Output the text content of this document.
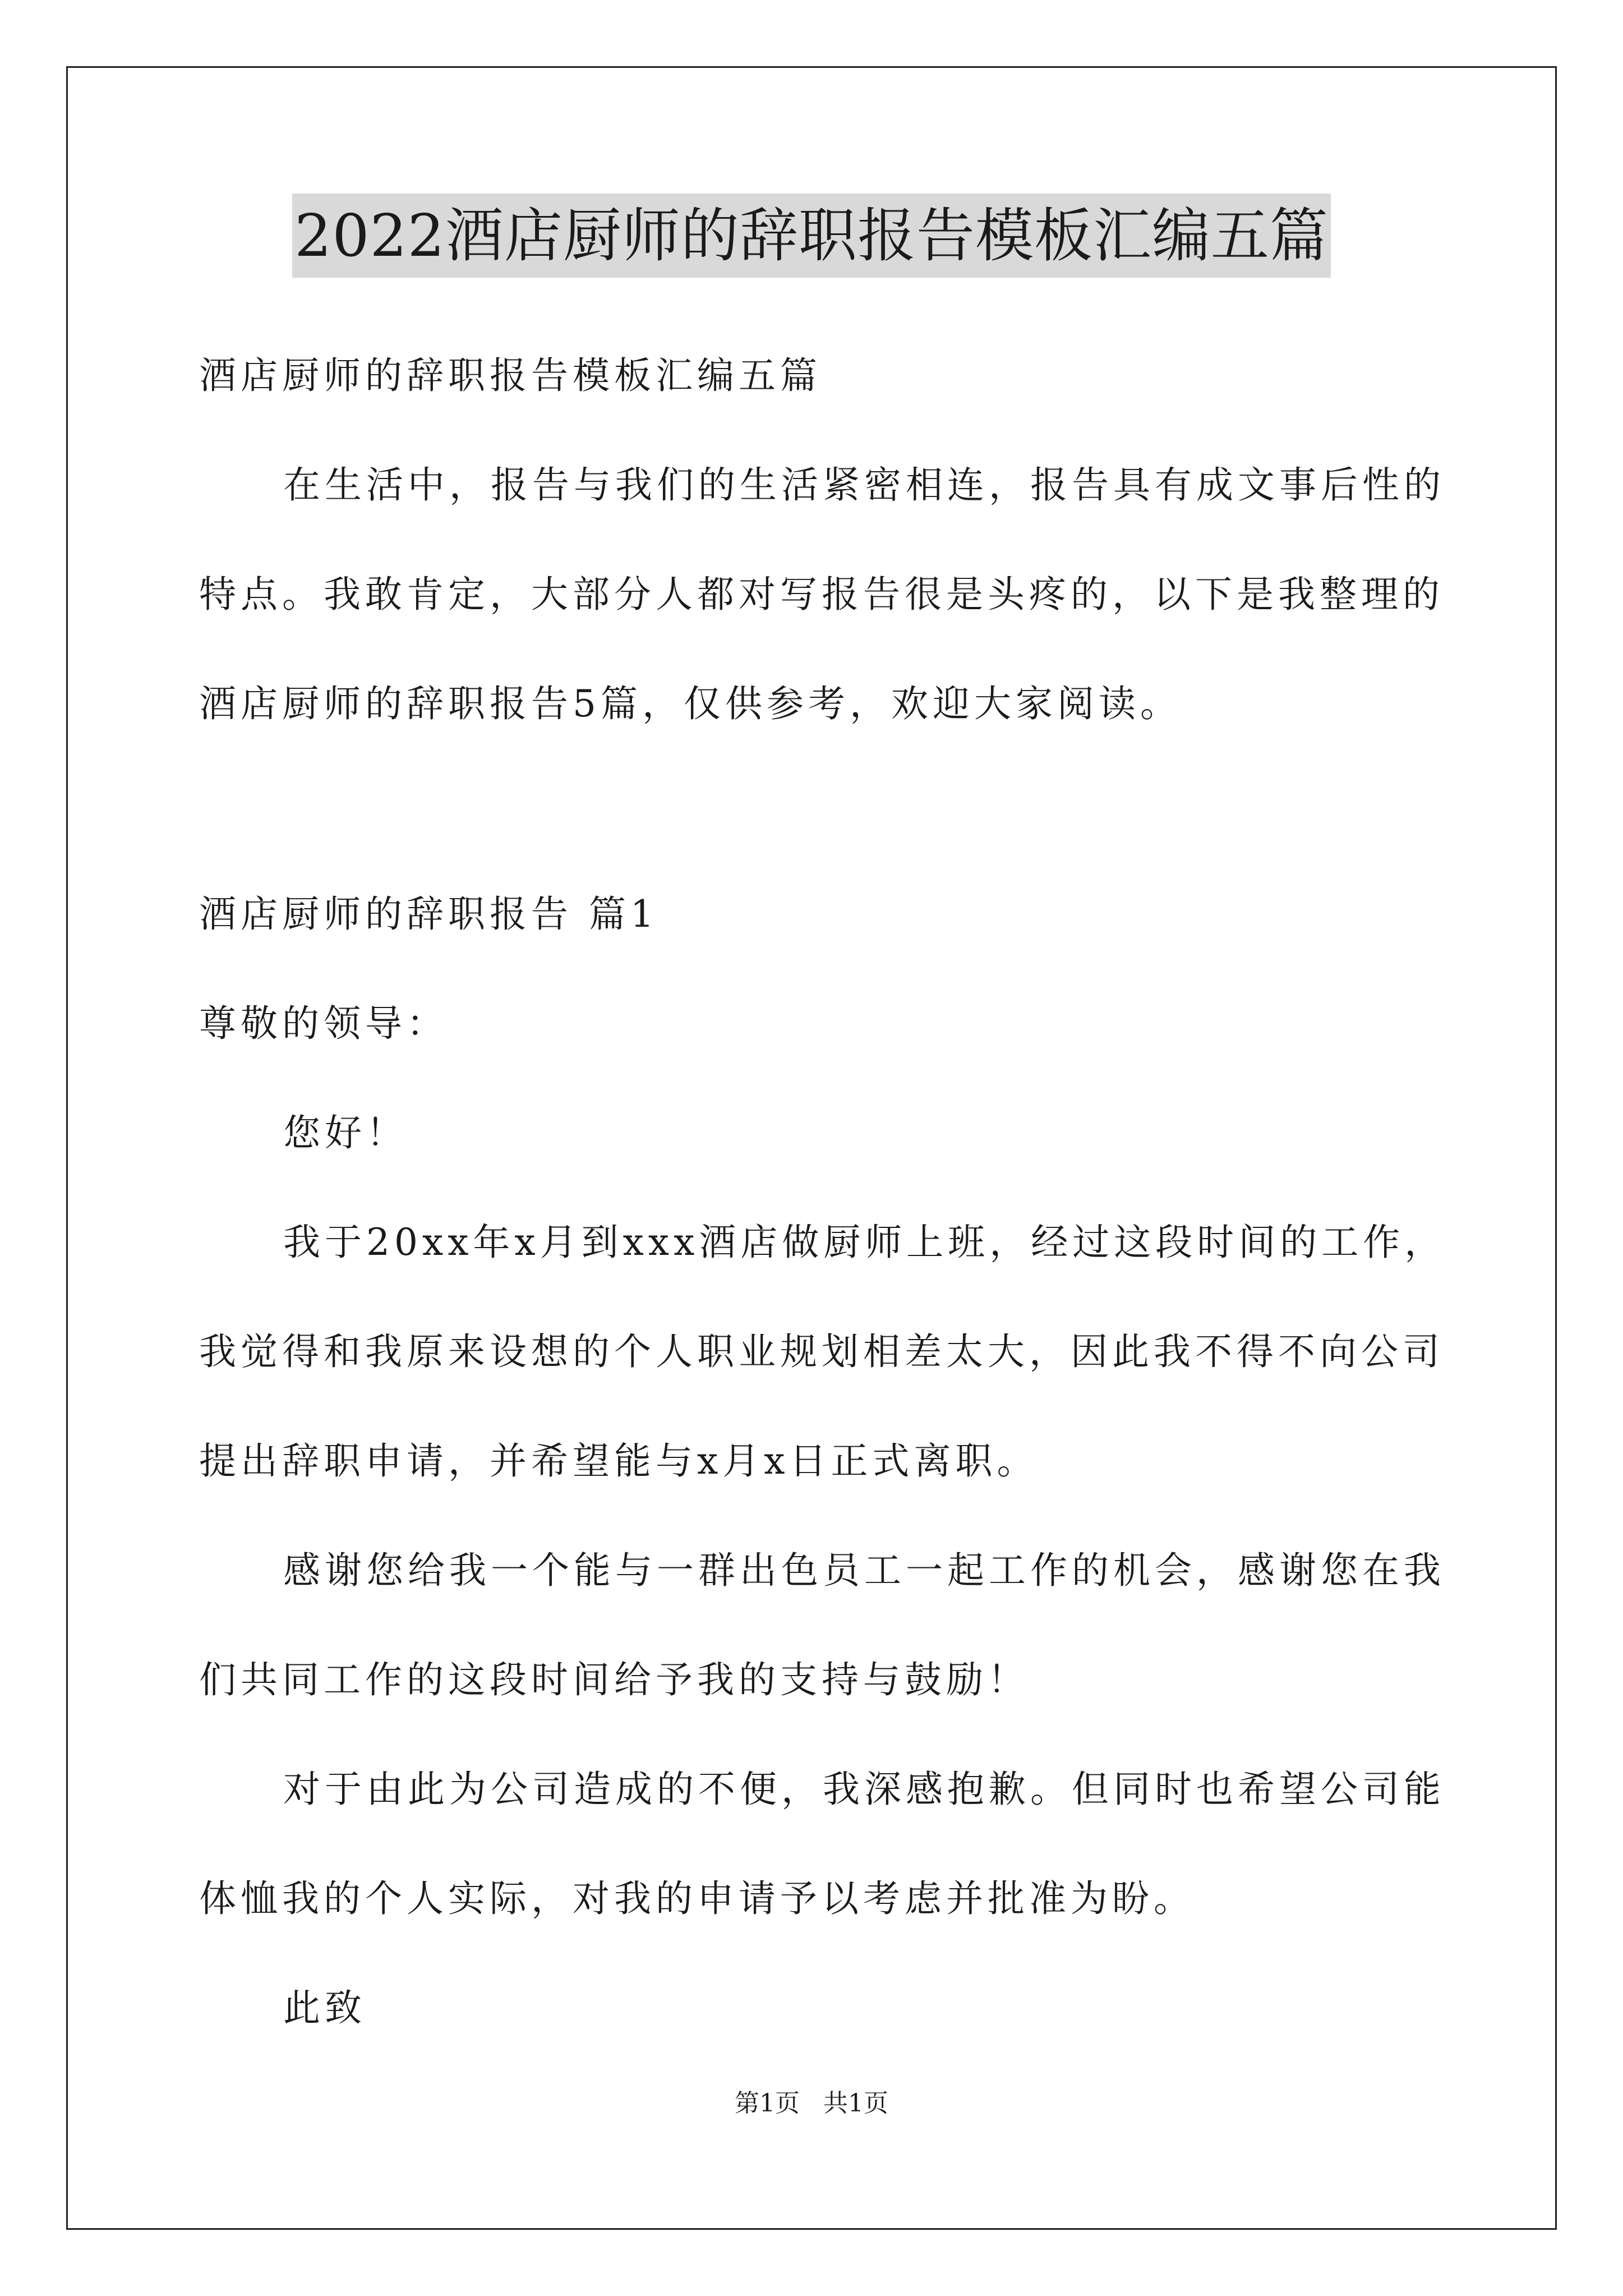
2022酒店厨师的辞职报告模板汇编五篇
酒店厨师的辞职报告模板汇编五篇
在生活中，报告与我们的生活紧密相连，报告具有成文事后性的
特点。我敢肯定，大部分人都对写报告很是头疼的，以下是我整理的
酒店厨师的辞职报告5篇，仅供参考，欢迎大家阅读。
酒店厨师的辞职报告 篇1
尊敬的领导：
您好！
我于20xx年x月到xxx酒店做厨师上班，经过这段时间的工作，
我觉得和我原来设想的个人职业规划相差太大，因此我不得不向公司
提出辞职申请，并希望能与x月x日正式离职。
感谢您给我一个能与一群出色员工一起工作的机会，感谢您在我
们共同工作的这段时间给予我的支持与鼓励！
对于由此为公司造成的不便，我深感抱歉。但同时也希望公司能
体恤我的个人实际，对我的申请予以考虑并批准为盼。
此致
第1页   共1页
